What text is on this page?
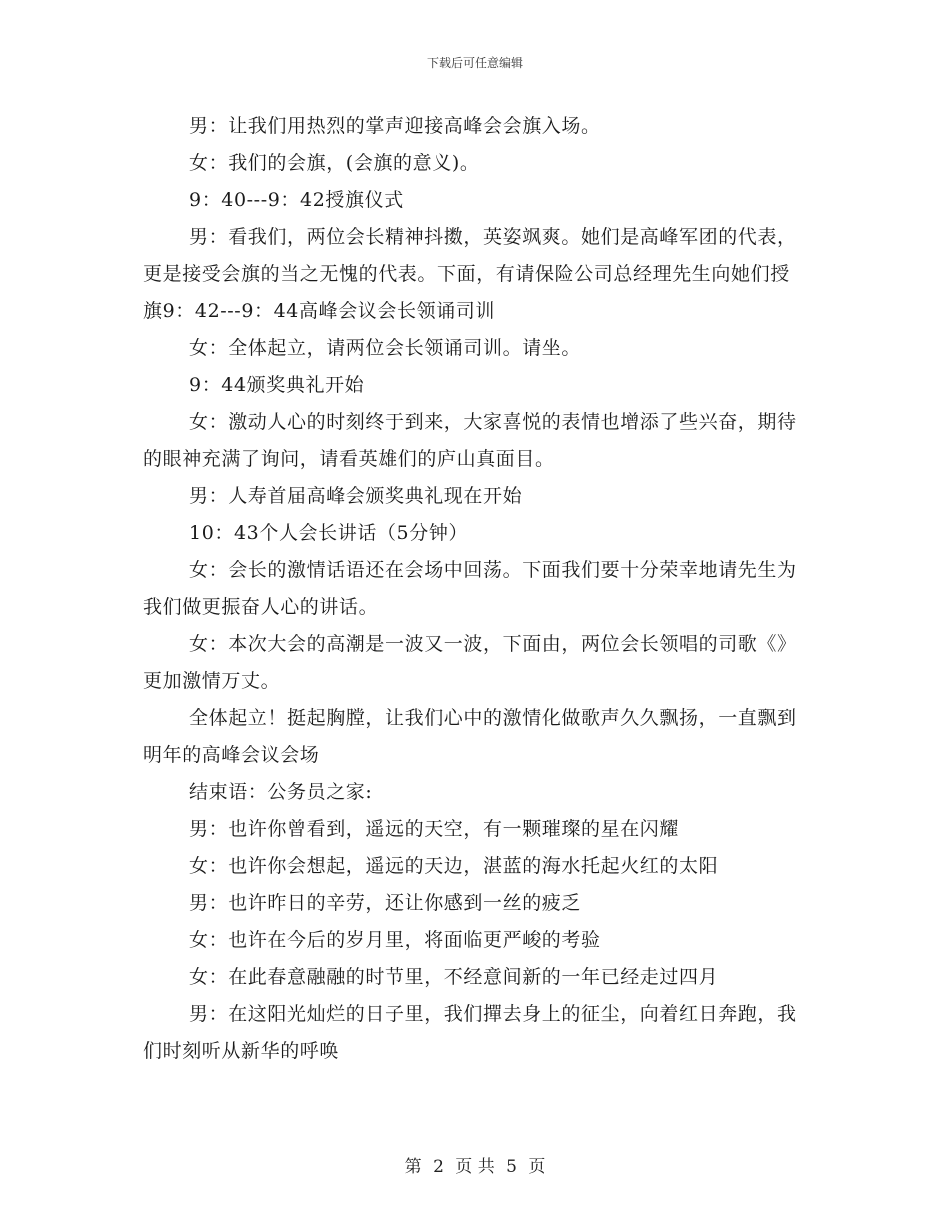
下载后可任意编辑

男：让我们用热烈的掌声迎接高峰会会旗入场。

女：我们的会旗，(会旗的意义)。

9：40---9：42授旗仪式

男：看我们，两位会长精神抖擞，英姿飒爽。她们是高峰军团的代表，更是接受会旗的当之无愧的代表。下面，有请保险公司总经理先生向她们授旗9：42---9：44高峰会议会长领诵司训

女：全体起立，请两位会长领诵司训。请坐。

9：44颁奖典礼开始

女：激动人心的时刻终于到来，大家喜悦的表情也增添了些兴奋，期待的眼神充满了询问，请看英雄们的庐山真面目。

男：人寿首届高峰会颁奖典礼现在开始

10：43个人会长讲话（5分钟）

女：会长的激情话语还在会场中回荡。下面我们要十分荣幸地请先生为我们做更振奋人心的讲话。

女：本次大会的高潮是一波又一波，下面由，两位会长领唱的司歌《》更加激情万丈。

全体起立！挺起胸膛，让我们心中的激情化做歌声久久飘扬，一直飘到明年的高峰会议会场

结束语：公务员之家:

男：也许你曾看到，遥远的天空，有一颗璀璨的星在闪耀

女：也许你会想起，遥远的天边，湛蓝的海水托起火红的太阳

男：也许昨日的辛劳，还让你感到一丝的疲乏

女：也许在今后的岁月里，将面临更严峻的考验

女：在此春意融融的时节里，不经意间新的一年已经走过四月

男：在这阳光灿烂的日子里，我们撣去身上的征尘，向着红日奔跑，我们时刻听从新华的呼唤

第 2 页 共 5 页
